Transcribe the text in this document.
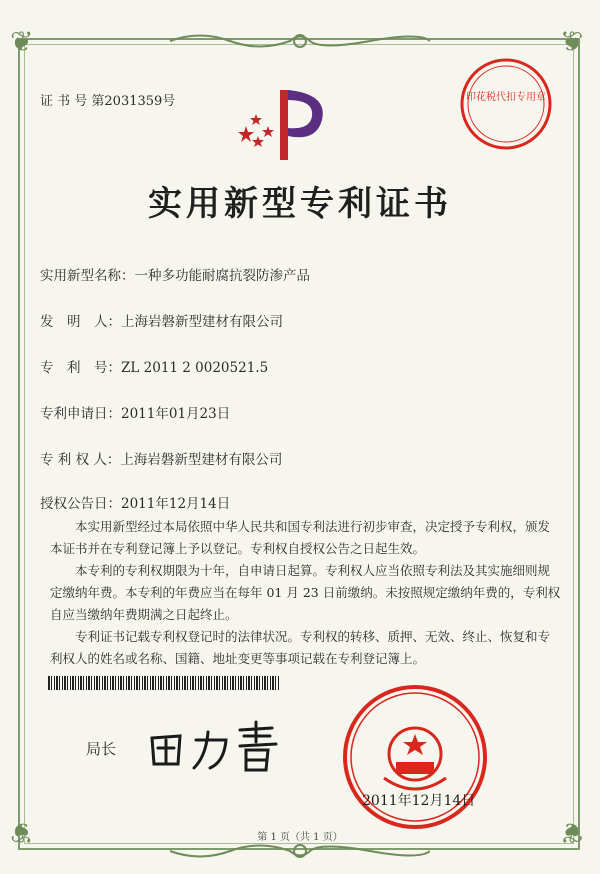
❦	❦
❦	❦
证 书 号 第2031359号	印花税代扣专用章
实用新型专利证书
实用新型名称：一种多功能耐腐抗裂防渗产品
发　明　人：上海岩磐新型建材有限公司
专　利　号：ZL 2011 2 0020521.5
专利申请日：2011年01月23日
专 利 权 人：上海岩磐新型建材有限公司
授权公告日：2011年12月14日

本实用新型经过本局依照中华人民共和国专利法进行初步审查，决定授予专利权，颁发本证书并在专利登记簿上予以登记。专利权自授权公告之日起生效。

本专利的专利权期限为十年，自申请日起算。专利权人应当依照专利法及其实施细则规定缴纳年费。本专利的年费应当在每年 01 月 23 日前缴纳。未按照规定缴纳年费的，专利权自应当缴纳年费期满之日起终止。

专利证书记载专利权登记时的法律状况。专利权的转移、质押、无效、终止、恢复和专利权人的姓名或名称、国籍、地址变更等事项记载在专利登记簿上。

局长
2011年12月14日
第 1 页（共 1 页）
